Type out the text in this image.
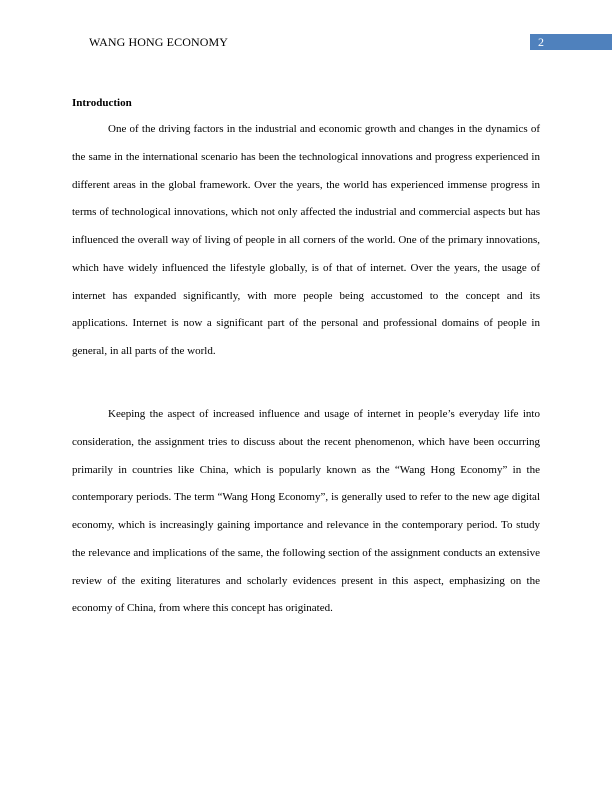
WANG HONG ECONOMY	2
Introduction

One of the driving factors in the industrial and economic growth and changes in the dynamics of the same in the international scenario has been the technological innovations and progress experienced in different areas in the global framework. Over the years, the world has experienced immense progress in terms of technological innovations, which not only affected the industrial and commercial aspects but has influenced the overall way of living of people in all corners of the world. One of the primary innovations, which have widely influenced the lifestyle globally, is of that of internet. Over the years, the usage of internet has expanded significantly, with more people being accustomed to the concept and its applications. Internet is now a significant part of the personal and professional domains of people in general, in all parts of the world.

Keeping the aspect of increased influence and usage of internet in people’s everyday life into consideration, the assignment tries to discuss about the recent phenomenon, which have been occurring primarily in countries like China, which is popularly known as the “Wang Hong Economy” in the contemporary periods. The term “Wang Hong Economy”, is generally used to refer to the new age digital economy, which is increasingly gaining importance and relevance in the contemporary period. To study the relevance and implications of the same, the following section of the assignment conducts an extensive review of the exiting literatures and scholarly evidences present in this aspect, emphasizing on the economy of China, from where this concept has originated.
